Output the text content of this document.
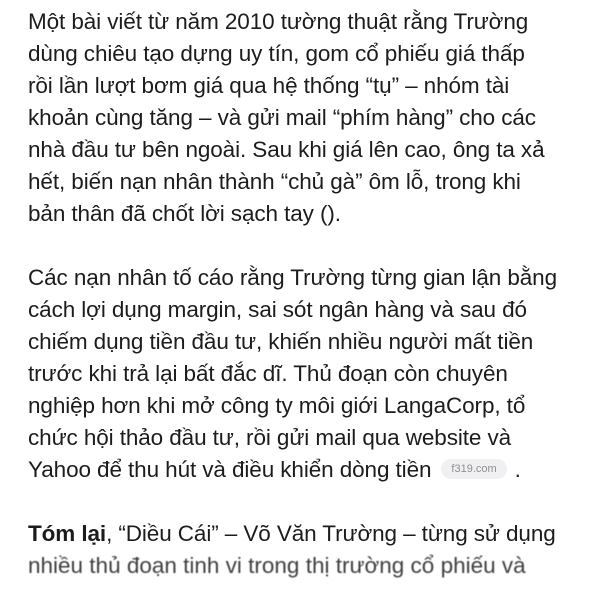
Một bài viết từ năm 2010 tường thuật rằng Trường
dùng chiêu tạo dựng uy tín, gom cổ phiếu giá thấp
rồi lần lượt bơm giá qua hệ thống “tụ” – nhóm tài
khoản cùng tăng – và gửi mail “phím hàng” cho các
nhà đầu tư bên ngoài. Sau khi giá lên cao, ông ta xả
hết, biến nạn nhân thành “chủ gà” ôm lỗ, trong khi
bản thân đã chốt lời sạch tay ().
Các nạn nhân tố cáo rằng Trường từng gian lận bằng
cách lợi dụng margin, sai sót ngân hàng và sau đó
chiếm dụng tiền đầu tư, khiến nhiều người mất tiền
trước khi trả lại bất đắc dĩ. Thủ đoạn còn chuyên
nghiệp hơn khi mở công ty môi giới LangaCorp, tổ
chức hội thảo đầu tư, rồi gửi mail qua website và
Yahoo để thu hút và điều khiển dòng tiền f319.com .
Tóm lại, “Diều Cái” – Võ Văn Trường – từng sử dụng
nhiều thủ đoạn tinh vi trong thị trường cổ phiếu và
